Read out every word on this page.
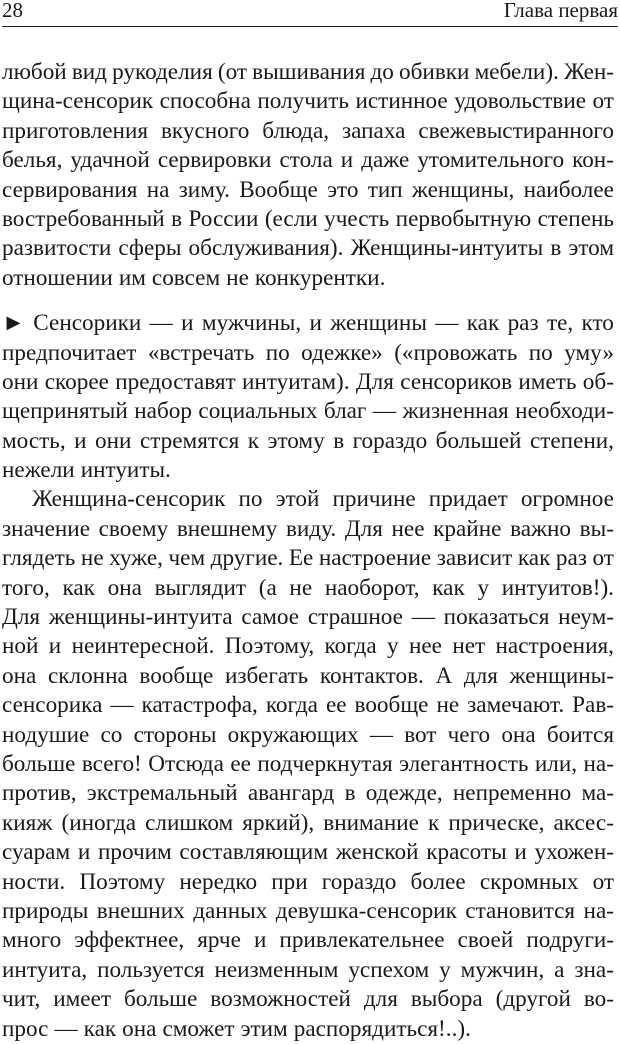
28	Глава первая
любой вид рукоделия (от вышивания до обивки мебели). Жен-
щина-сенсорик способна получить истинное удовольствие от
приготовления вкусного блюда, запаха свежевыстиранного
белья, удачной сервировки стола и даже утомительного кон-
сервирования на зиму. Вообще это тип женщины, наиболее
востребованный в России (если учесть первобытную степень
развитости сферы обслуживания). Женщины-интуиты в этом
отношении им совсем не конкурентки.
► Сенсорики — и мужчины, и женщины — как раз те, кто
предпочитает «встречать по одежке» («провожать по уму»
они скорее предоставят интуитам). Для сенсориков иметь об-
щепринятый набор социальных благ — жизненная необходи-
мость, и они стремятся к этому в гораздо большей степени,
нежели интуиты.
Женщина-сенсорик по этой причине придает огромное
значение своему внешнему виду. Для нее крайне важно вы-
глядеть не хуже, чем другие. Ее настроение зависит как раз от
того, как она выглядит (а не наоборот, как у интуитов!).
Для женщины-интуита самое страшное — показаться неум-
ной и неинтересной. Поэтому, когда у нее нет настроения,
она склонна вообще избегать контактов. А для женщины-
сенсорика — катастрофа, когда ее вообще не замечают. Рав-
нодушие со стороны окружающих — вот чего она боится
больше всего! Отсюда ее подчеркнутая элегантность или, на-
против, экстремальный авангард в одежде, непременно ма-
кияж (иногда слишком яркий), внимание к прическе, аксес-
суарам и прочим составляющим женской красоты и ухожен-
ности. Поэтому нередко при гораздо более скромных от
природы внешних данных девушка-сенсорик становится на-
много эффектнее, ярче и привлекательнее своей подруги-
интуита, пользуется неизменным успехом у мужчин, а зна-
чит, имеет больше возможностей для выбора (другой во-
прос — как она сможет этим распорядиться!..).
